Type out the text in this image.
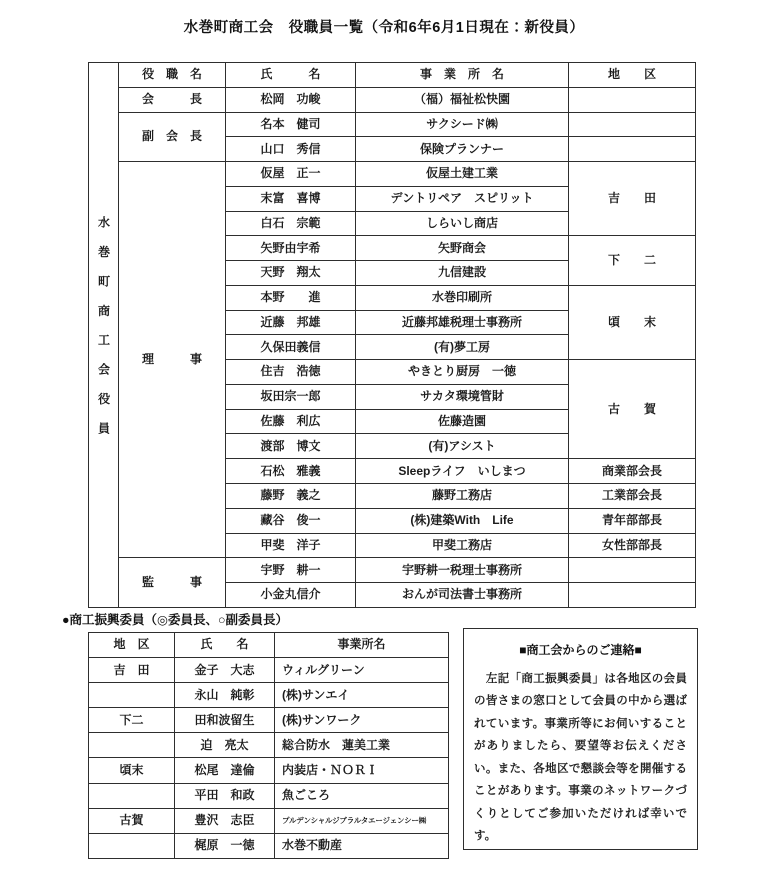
水巻町商工会　役職員一覧（令和6年6月1日現在：新役員）
水巻町商工会役員	役　職　名	氏　　　名	事　業　所　名	地　　区
	会　　　長	松岡　功峻	（福）福祉松快園	
	副　会　長	名本　健司	サクシード㈱	
		山口　秀信	保険プランナー	
	理　　　事	仮屋　正一	仮屋土建工業	吉　　田
		末富　喜博	デントリペア　スピリット	
		白石　宗範	しらいし商店	
		矢野由宇希	矢野商会	下　　二
		天野　翔太	九信建設	
		本野　　進	水巻印刷所	頃　　末
		近藤　邦雄	近藤邦雄税理士事務所	
		久保田義信	(有)夢工房	
		住吉　浩徳	やきとり厨房　一徳	古　　賀
		坂田宗一郎	サカタ環境管財	
		佐藤　利広	佐藤造園	
		渡部　博文	(有)アシスト	
		石松　雅義	Sleepライフ　いしまつ	商業部会長
		藤野　義之	藤野工務店	工業部会長
		藏谷　俊一	(株)建築With　Life	青年部部長
		甲斐　洋子	甲斐工務店	女性部部長
	監　　　事	宇野　耕一	宇野耕一税理士事務所	
		小金丸信介	おんが司法書士事務所	
●商工振興委員（◎委員長、○副委員長）
地　区	氏　　名	事業所名
吉　田	金子　大志	ウィルグリーン
	永山　純彰	(株)サンエイ
下二	田和波留生	(株)サンワーク
	迫　亮太	総合防水　蓮美工業
頃末	松尾　達倫	内装店・ＮＯＲＩ
	平田　和政	魚ごころ
古賀	豊沢　志臣	プルデンシャルジブラルタエージェンシー㈱
	梶原　一徳	水巻不動産
■商工会からのご連絡■
　左記「商工振興委員」は各地区の会員の皆さまの窓口として会員の中から選ばれています。事業所等にお伺いすることがありましたら、要望等お伝えください。また、各地区で懇談会等を開催することがあります。事業のネットワークづくりとしてご参加いただければ幸いです。
